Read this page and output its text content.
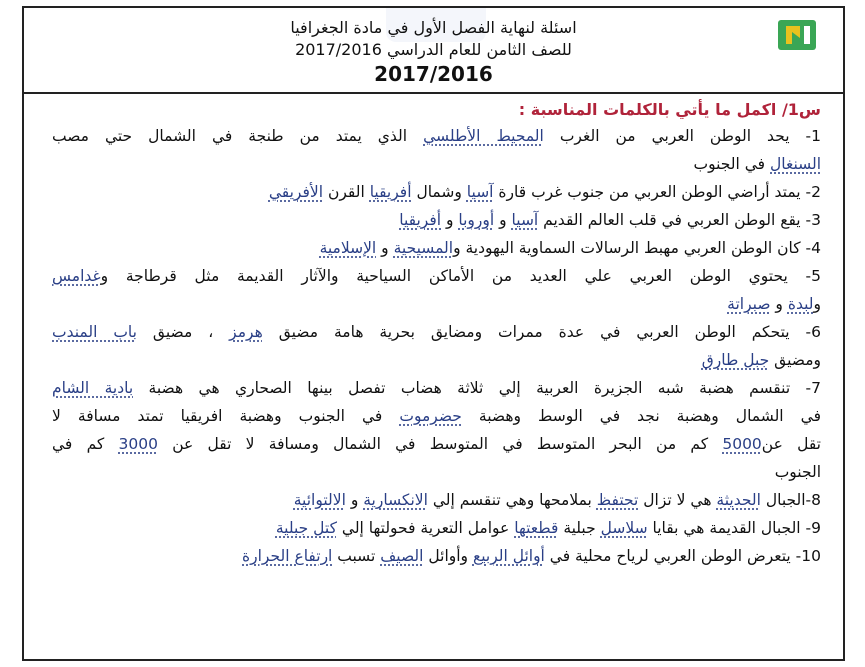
اسئلة لنهاية الفصل الأول في مادة الجغرافيا
للصف الثامن للعام الدراسي 2017/2016
2017/2016
س1/ اكمل ما يأتي بالكلمات المناسبة :
1- يحد الوطن العربي من الغرب المحيط الأطلسي الذي يمتد من طنجة في الشمال حتي مصب
السنغال في الجنوب
2- يمتد أراضي الوطن العربي من جنوب غرب قارة آسيا وشمال أفريقيا القرن الأفريقي
3- يقع الوطن العربي في قلب العالم القديم آسيا و أوروبا و أفريقيا
4- كان الوطن العربي مهبط الرسالات السماوية اليهودية والمسيحية و الإسلامية
5- يحتوي الوطن العربي علي العديد من الأماكن السياحية والآثار القديمة مثل قرطاجة وغدامس
ولبدة و صبراتة
6- يتحكم الوطن العربي في عدة ممرات ومضايق بحرية هامة مضيق هرمز ، مضيق باب المندب
ومضيق جبل طارق
7- تنقسم هضبة شبه الجزيرة العربية إلي ثلاثة هضاب تفصل بينها الصحاري هي هضبة بادية الشام
في الشمال وهضبة نجد في الوسط وهضبة حضرموت في الجنوب وهضبة افريقيا تمتد مسافة لا
تقل عن5000 كم من البحر المتوسط في المتوسط في الشمال ومسافة لا تقل عن 3000 كم في
الجنوب
8-الجبال الحديثة هي لا تزال تحتفظ بملامحها وهي تنقسم إلي الانكسارية و الالتوائية
9- الجبال القديمة هي بقايا سلاسل جبلية قطعتها عوامل التعرية فحولتها إلي كتل جبلية
10- يتعرض الوطن العربي لرياح محلية في أوائل الربيع وأوائل الصيف تسبب ارتفاع الحرارة
